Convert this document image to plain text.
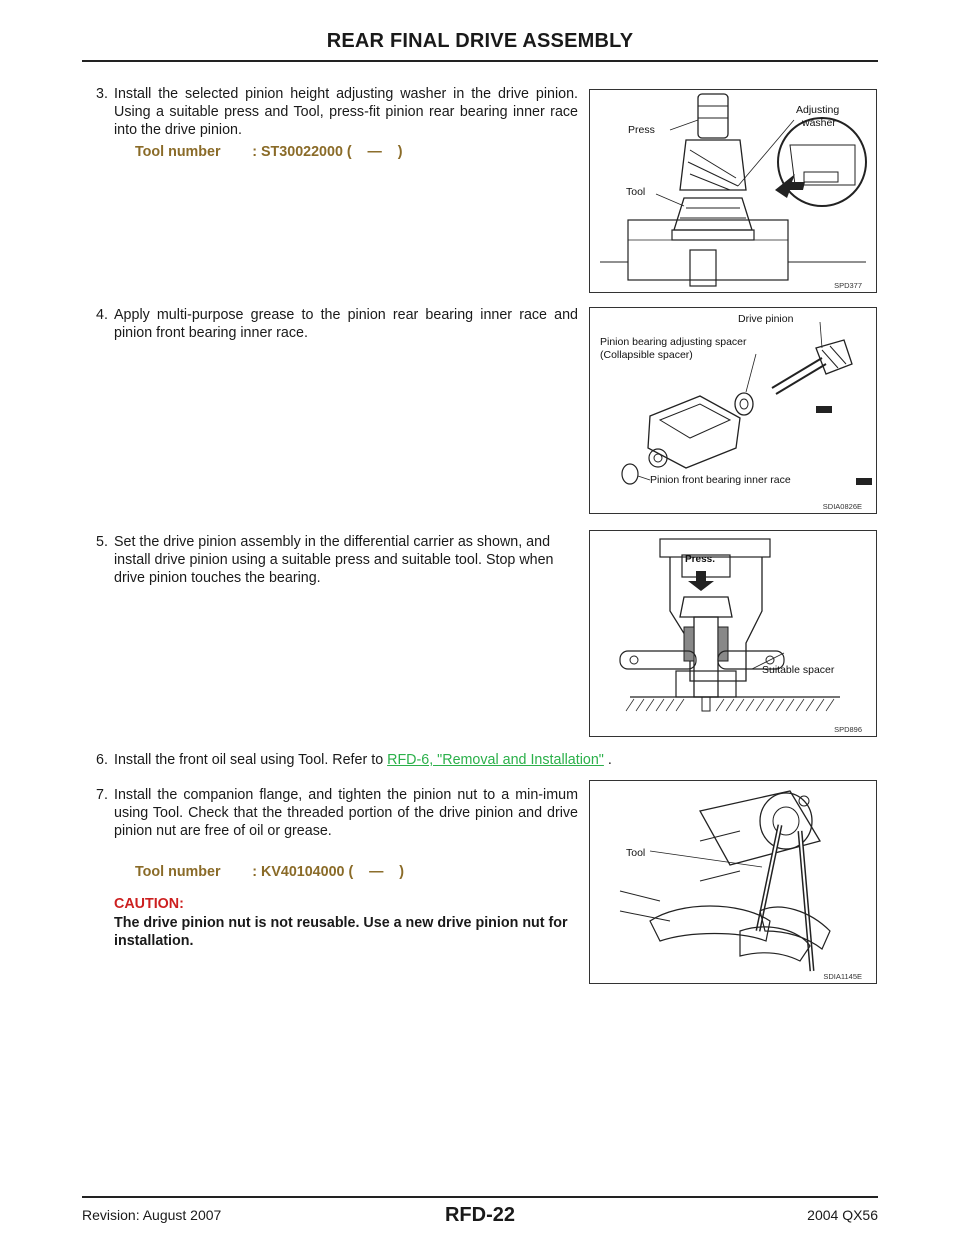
REAR FINAL DRIVE ASSEMBLY
3. Install the selected pinion height adjusting washer in the drive pinion. Using a suitable press and Tool, press-fit pinion rear bearing inner race into the drive pinion.
Tool number        : ST30022000 (    —    )
4. Apply multi-purpose grease to the pinion rear bearing inner race and pinion front bearing inner race.
5. Set the drive pinion assembly in the differential carrier as shown, and install drive pinion using a suitable press and suitable tool. Stop when drive pinion touches the bearing.
6. Install the front oil seal using Tool. Refer to RFD-6, "Removal and Installation" .
7. Install the companion flange, and tighten the pinion nut to a min-imum using Tool. Check that the threaded portion of the drive pinion and drive pinion nut are free of oil or grease.
Tool number        : KV40104000 (    —    )
CAUTION:
The drive pinion nut is not reusable. Use a new drive pinion nut for installation.
Press
Adjusting
washer
Tool
SPD377
Drive pinion
Pinion bearing adjusting spacer
(Collapsible spacer)
Pinion front bearing inner race
SDIA0826E
Press.
Suitable spacer
SPD896
Tool
SDIA1145E
Revision: August 2007	RFD-22	2004 QX56
